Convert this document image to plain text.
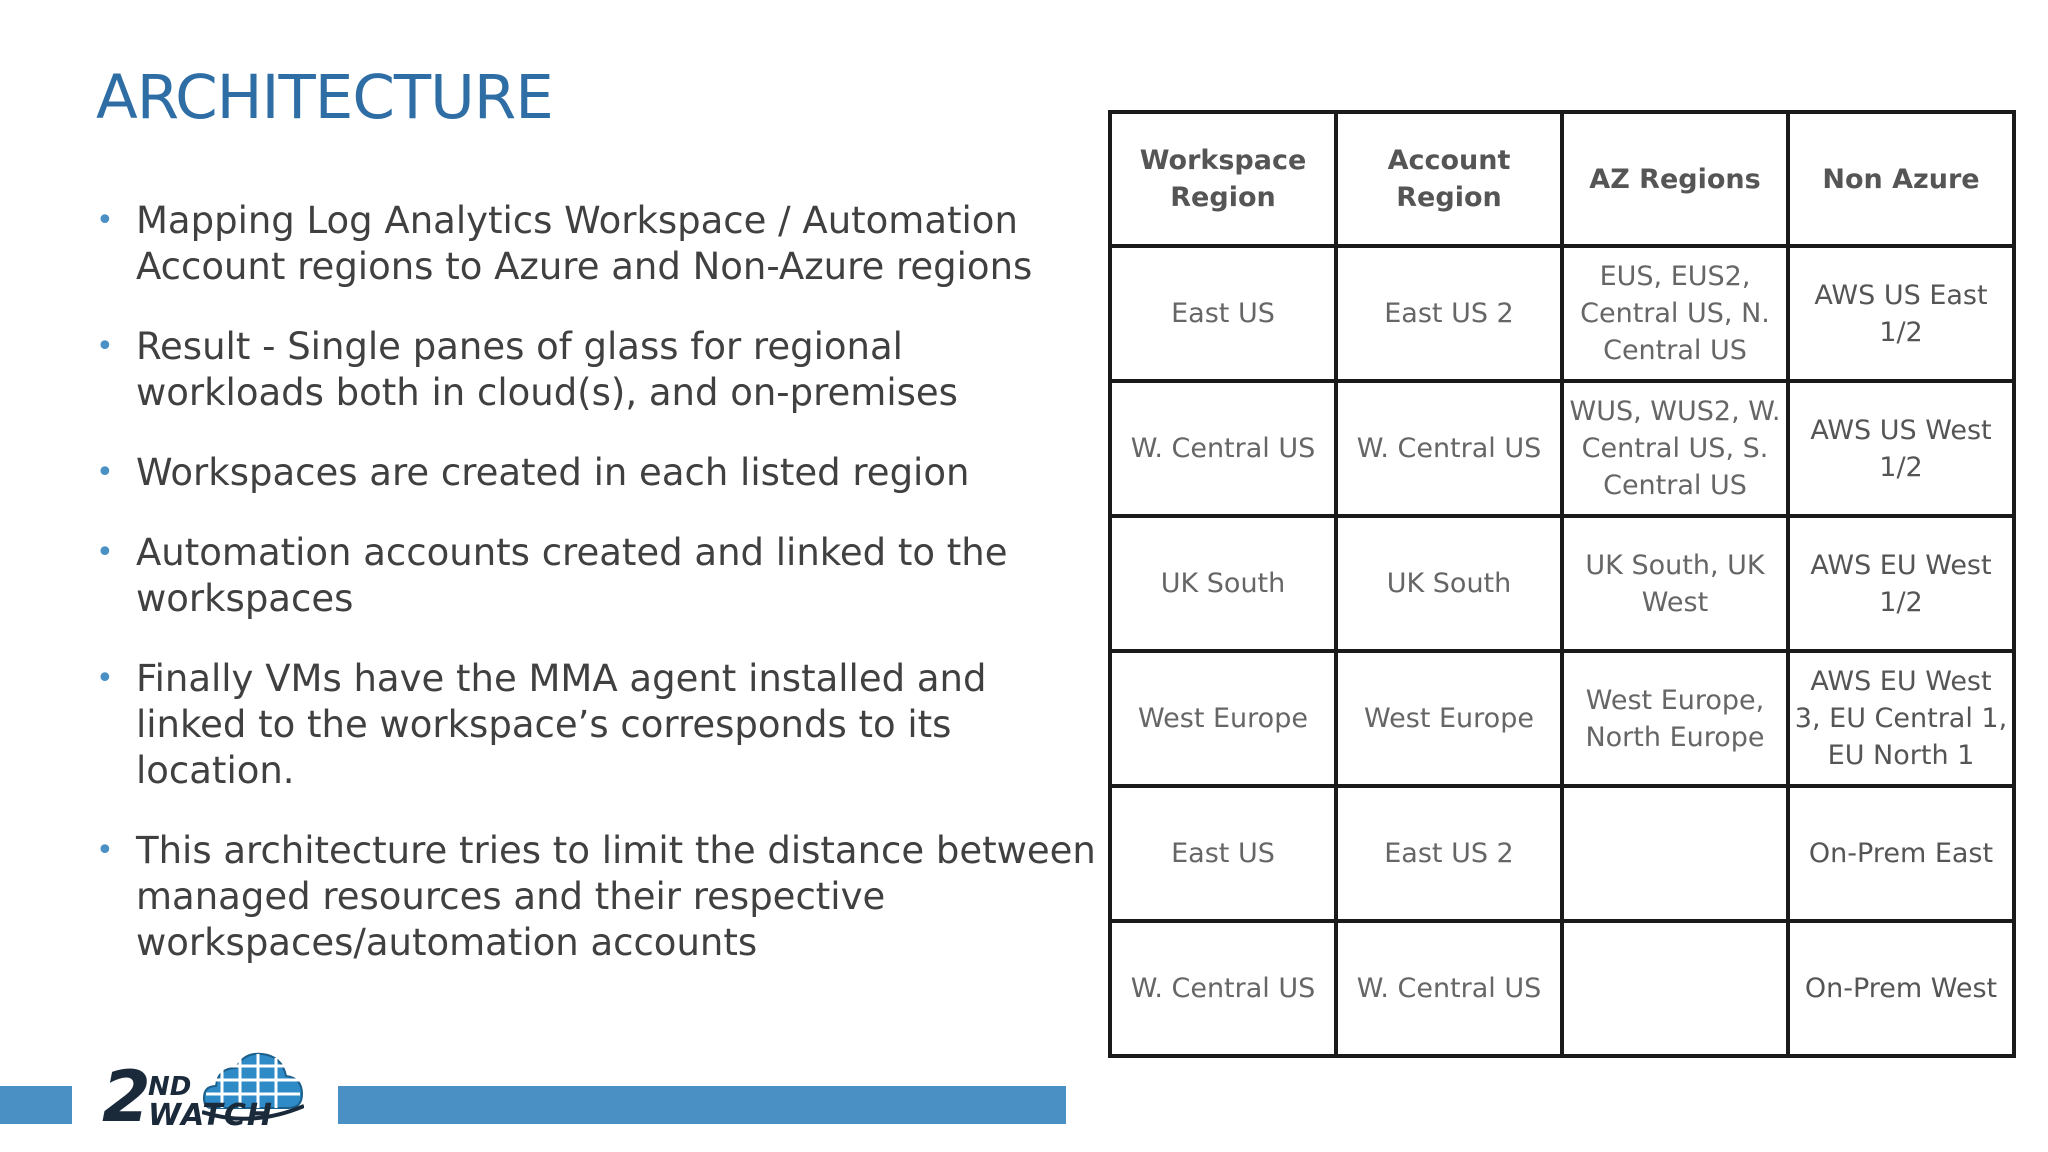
ARCHITECTURE
• Mapping Log Analytics Workspace / Automation Account regions to Azure and Non-Azure regions
• Result - Single panes of glass for regional workloads both in cloud(s), and on-premises
• Workspaces are created in each listed region
• Automation accounts created and linked to the workspaces
• Finally VMs have the MMA agent installed and linked to the workspace’s corresponds to its location.
• This architecture tries to limit the distance between managed resources and their respective workspaces/automation accounts
Workspace Region	Account Region	AZ Regions	Non Azure
East US	East US 2	EUS, EUS2, Central US, N. Central US	AWS US East 1/2
W. Central US	W. Central US	WUS, WUS2, W. Central US, S. Central US	AWS US West 1/2
UK South	UK South	UK South, UK West	AWS EU West 1/2
West Europe	West Europe	West Europe, North Europe	AWS EU West 3, EU Central 1, EU North 1
East US	East US 2		On-Prem East
W. Central US	W. Central US		On-Prem West
2
ND
WATCH
